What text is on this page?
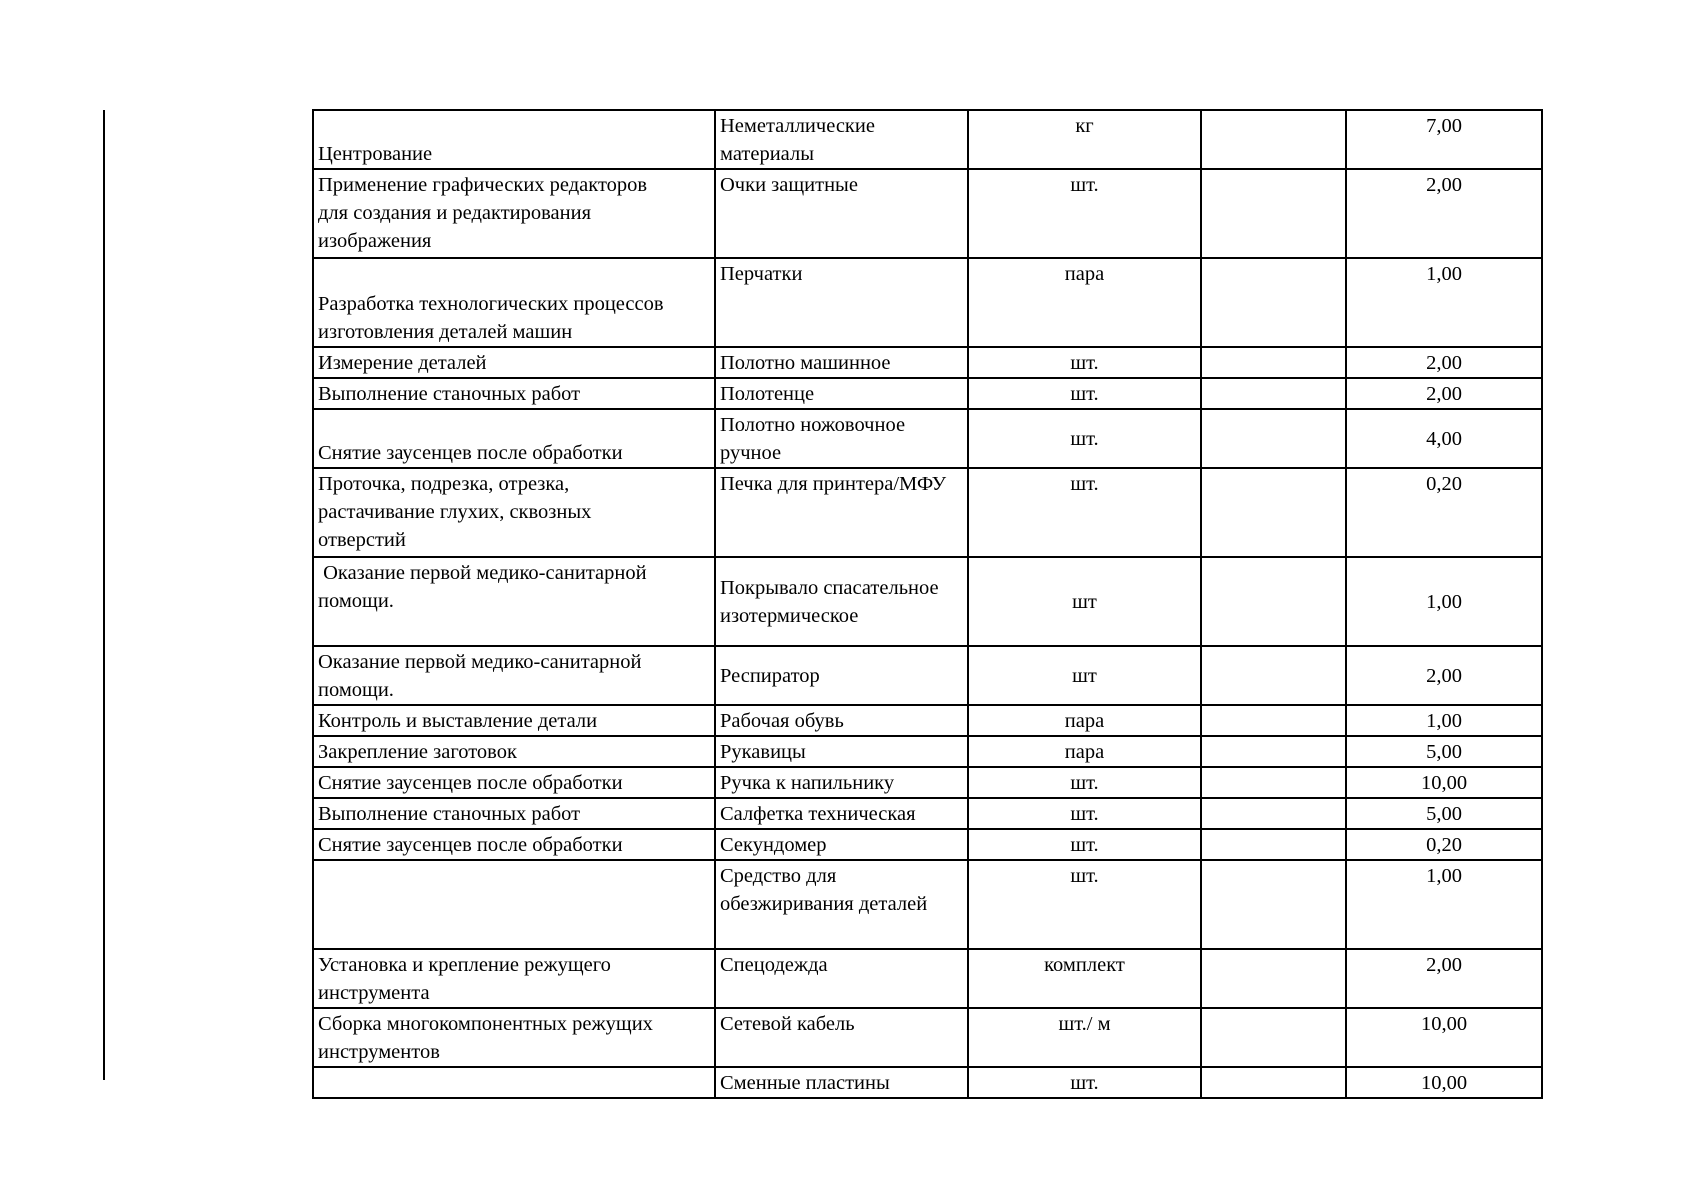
Центрование	Неметаллические
материалы	кг		7,00

Применение графических редакторов
для создания и редактирования
изображения	Очки защитные	шт.		2,00

Разработка технологических процессов
изготовления деталей машин	Перчатки	пара		1,00

Измерение деталей	Полотно машинное	шт.		2,00

Выполнение станочных работ	Полотенце	шт.		2,00

Снятие заусенцев после обработки	Полотно ножовочное
ручное	шт.		4,00

Проточка, подрезка, отрезка,
растачивание глухих, сквозных
отверстий	Печка для принтера/МФУ	шт.		0,20

Оказание первой медико-санитарной
помощи.	Покрывало спасательное
изотермическое	шт		1,00

Оказание первой медико-санитарной
помощи.	Респиратор	шт		2,00

Контроль и выставление детали	Рабочая обувь	пара		1,00

Закрепление заготовок	Рукавицы	пара		5,00

Снятие заусенцев после обработки	Ручка к напильнику	шт.		10,00

Выполнение станочных работ	Салфетка техническая	шт.		5,00

Снятие заусенцев после обработки	Секундомер	шт.		0,20

	Средство для
обезжиривания деталей	шт.		1,00

Установка и крепление режущего
инструмента	Спецодежда	комплект		2,00

Сборка многокомпонентных режущих
инструментов	Сетевой кабель	шт./ м		10,00

	Сменные пластины	шт.		10,00
